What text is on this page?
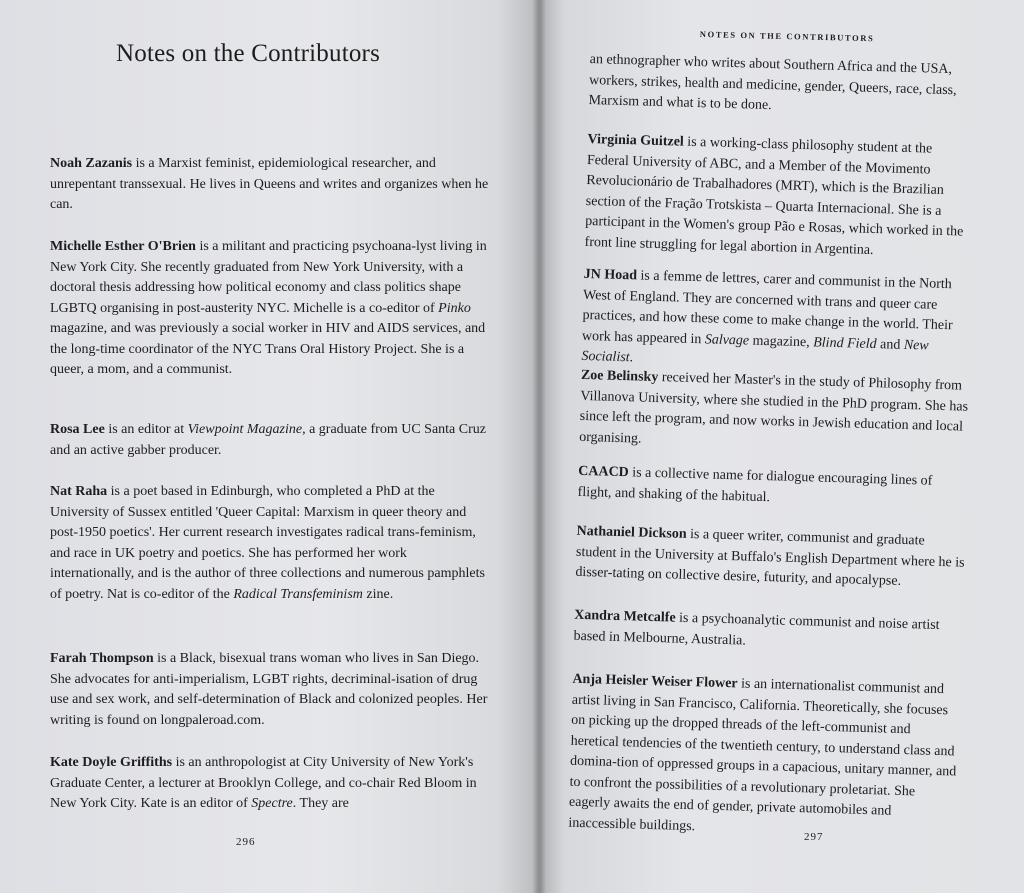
Notes on the Contributors

Noah Zazanis is a Marxist feminist, epidemiological researcher, and unrepentant transsexual. He lives in Queens and writes and organizes when he can.

Michelle Esther O'Brien is a militant and practicing psychoana-lyst living in New York City. She recently graduated from New York University, with a doctoral thesis addressing how political economy and class politics shape LGBTQ organising in post-austerity NYC. Michelle is a co-editor of Pinko magazine, and was previously a social worker in HIV and AIDS services, and the long-time coordinator of the NYC Trans Oral History Project. She is a queer, a mom, and a communist.

Rosa Lee is an editor at Viewpoint Magazine, a graduate from UC Santa Cruz and an active gabber producer.

Nat Raha is a poet based in Edinburgh, who completed a PhD at the University of Sussex entitled 'Queer Capital: Marxism in queer theory and post-1950 poetics'. Her current research investigates radical trans-feminism, and race in UK poetry and poetics. She has performed her work internationally, and is the author of three collections and numerous pamphlets of poetry. Nat is co-editor of the Radical Transfeminism zine.

Farah Thompson is a Black, bisexual trans woman who lives in San Diego. She advocates for anti-imperialism, LGBT rights, decriminal-isation of drug use and sex work, and self-determination of Black and colonized peoples. Her writing is found on longpaleroad.com.

Kate Doyle Griffiths is an anthropologist at City University of New York's Graduate Center, a lecturer at Brooklyn College, and co-chair Red Bloom in New York City. Kate is an editor of Spectre. They are

296
NOTES ON THE CONTRIBUTORS

an ethnographer who writes about Southern Africa and the USA, workers, strikes, health and medicine, gender, Queers, race, class, Marxism and what is to be done.

Virginia Guitzel is a working-class philosophy student at the Federal University of ABC, and a Member of the Movimento Revolucionário de Trabalhadores (MRT), which is the Brazilian section of the Fração Trotskista – Quarta Internacional. She is a participant in the Women's group Pão e Rosas, which worked in the front line struggling for legal abortion in Argentina.

JN Hoad is a femme de lettres, carer and communist in the North West of England. They are concerned with trans and queer care practices, and how these come to make change in the world. Their work has appeared in Salvage magazine, Blind Field and New Socialist.

Zoe Belinsky received her Master's in the study of Philosophy from Villanova University, where she studied in the PhD program. She has since left the program, and now works in Jewish education and local organising.

CAACD is a collective name for dialogue encouraging lines of flight, and shaking of the habitual.

Nathaniel Dickson is a queer writer, communist and graduate student in the University at Buffalo's English Department where he is disser-tating on collective desire, futurity, and apocalypse.

Xandra Metcalfe is a psychoanalytic communist and noise artist based in Melbourne, Australia.

Anja Heisler Weiser Flower is an internationalist communist and artist living in San Francisco, California. Theoretically, she focuses on picking up the dropped threads of the left-communist and heretical tendencies of the twentieth century, to understand class and domina-tion of oppressed groups in a capacious, unitary manner, and to confront the possibilities of a revolutionary proletariat. She eagerly awaits the end of gender, private automobiles and inaccessible buildings.

297
